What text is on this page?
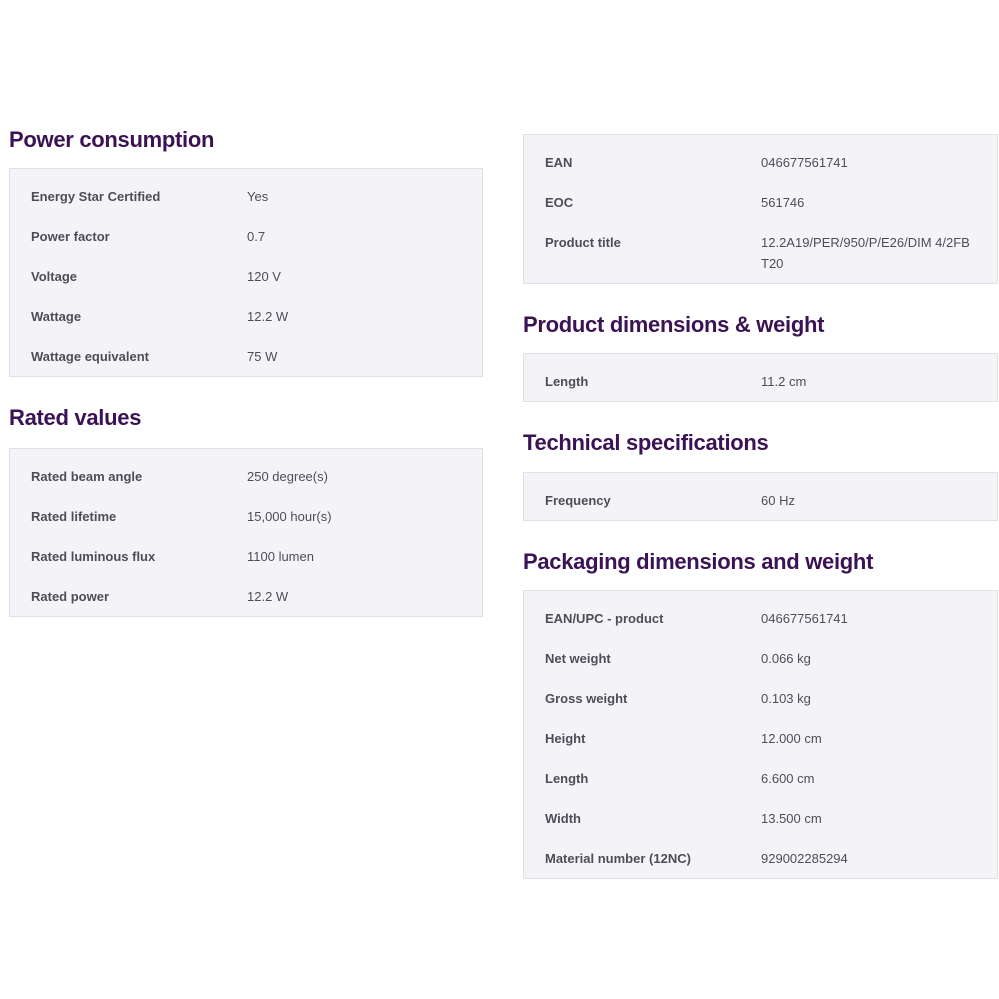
Power consumption
Energy Star Certified	Yes
Power factor	0.7
Voltage	120 V
Wattage	12.2 W
Wattage equivalent	75 W
Rated values
Rated beam angle	250 degree(s)
Rated lifetime	15,000 hour(s)
Rated luminous flux	1100 lumen
Rated power	12.2 W
EAN	046677561741
EOC	561746
Product title	12.2A19/PER/950/P/E26/DIM 4/2FB T20
Product dimensions & weight
Length	11.2 cm
Technical specifications
Frequency	60 Hz
Packaging dimensions and weight
EAN/UPC - product	046677561741
Net weight	0.066 kg
Gross weight	0.103 kg
Height	12.000 cm
Length	6.600 cm
Width	13.500 cm
Material number (12NC)	929002285294
